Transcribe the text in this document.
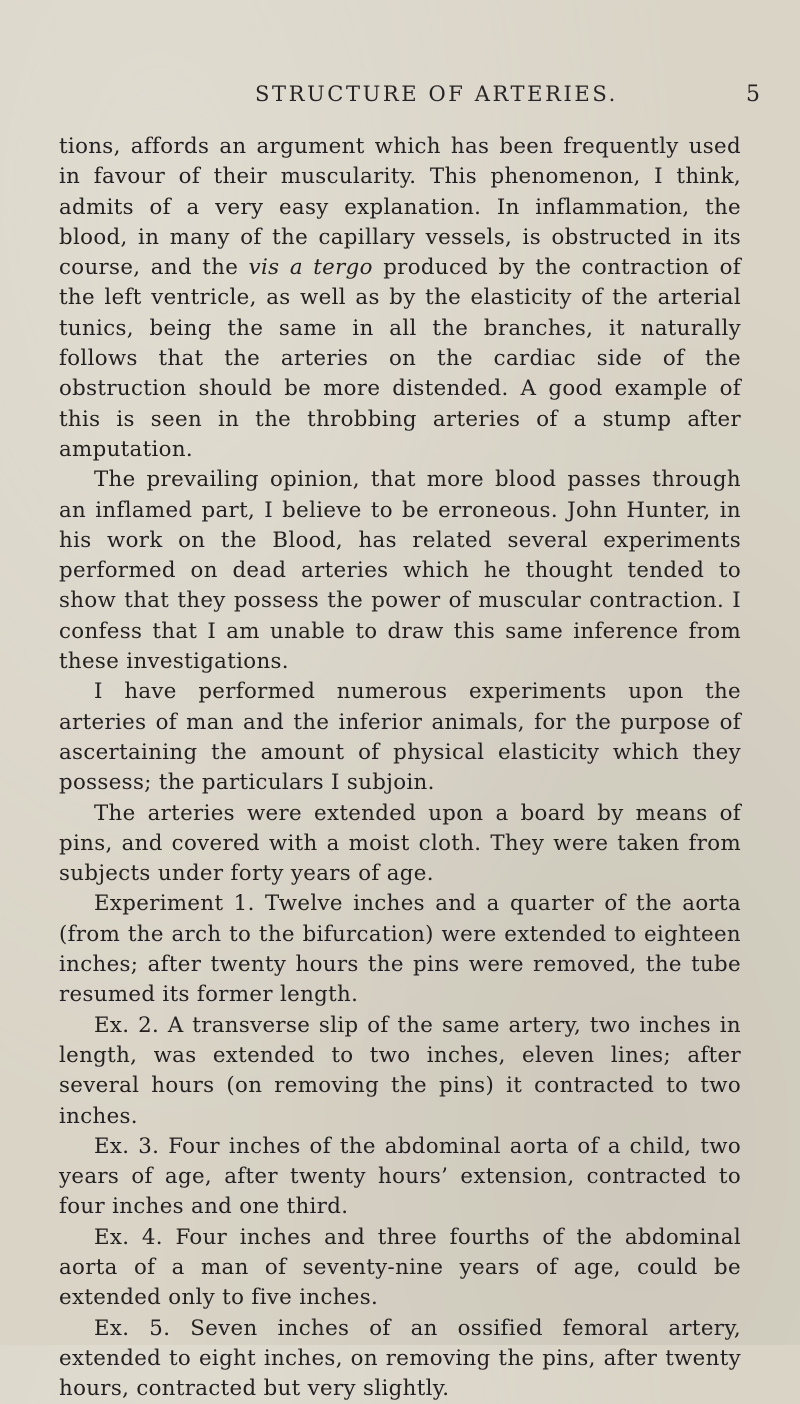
STRUCTURE OF ARTERIES.	5

tions, affords an argument which has been frequently used in favour of their muscularity. This phenomenon, I think, admits of a very easy explanation. In inflammation, the blood, in many of the capillary vessels, is obstructed in its course, and the vis a tergo produced by the contraction of the left ventricle, as well as by the elasticity of the arterial tunics, being the same in all the branches, it naturally follows that the arteries on the cardiac side of the obstruction should be more distended. A good example of this is seen in the throbbing arteries of a stump after amputation.

The prevailing opinion, that more blood passes through an inflamed part, I believe to be erroneous. John Hunter, in his work on the Blood, has related several experiments performed on dead arteries which he thought tended to show that they possess the power of muscular contraction. I confess that I am unable to draw this same inference from these investigations.

I have performed numerous experiments upon the arteries of man and the inferior animals, for the purpose of ascertaining the amount of physical elasticity which they possess; the particulars I subjoin.

The arteries were extended upon a board by means of pins, and covered with a moist cloth. They were taken from subjects under forty years of age.

Experiment 1. Twelve inches and a quarter of the aorta (from the arch to the bifurcation) were extended to eighteen inches; after twenty hours the pins were removed, the tube resumed its former length.

Ex. 2. A transverse slip of the same artery, two inches in length, was extended to two inches, eleven lines; after several hours (on removing the pins) it contracted to two inches.

Ex. 3. Four inches of the abdominal aorta of a child, two years of age, after twenty hours’ extension, contracted to four inches and one third.

Ex. 4. Four inches and three fourths of the abdominal aorta of a man of seventy-nine years of age, could be extended only to five inches.

Ex. 5. Seven inches of an ossified femoral artery, extended to eight inches, on removing the pins, after twenty hours, contracted but very slightly.
